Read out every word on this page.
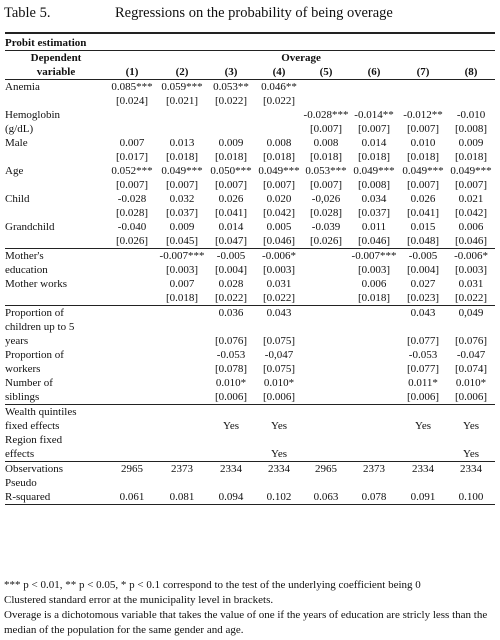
Table 5.	Regressions on the probability of being overage
Probit estimation								
Dependent	Overage							
variable	(1)	(2)	(3)	(4)	(5)	(6)	(7)	(8)
Anemia	0.085***	0.059***	0.053**	0.046**				
	[0.024]	[0.021]	[0.022]	[0.022]				
Hemoglobin					-0.028***	-0.014**	-0.012**	-0.010
(g/dL)					[0.007]	[0.007]	[0.007]	[0.008]
Male	0.007	0.013	0.009	0.008	0.008	0.014	0.010	0.009
	[0.017]	[0.018]	[0.018]	[0.018]	[0.018]	[0.018]	[0.018]	[0.018]
Age	0.052***	0.049***	0.050***	0.049***	0.053***	0.049***	0.049***	0.049***
	[0.007]	[0.007]	[0.007]	[0.007]	[0.007]	[0.008]	[0.007]	[0.007]
Child	-0.028	0.032	0.026	0.020	-0,026	0.034	0.026	0.021
	[0.028]	[0.037]	[0.041]	[0.042]	[0.028]	[0.037]	[0.041]	[0.042]
Grandchild	-0.040	0.009	0.014	0.005	-0.039	0.011	0.015	0.006
	[0.026]	[0.045]	[0.047]	[0.046]	[0.026]	[0.046]	[0.048]	[0.046]
Mother's		-0.007***	-0.005	-0.006*		-0.007***	-0.005	-0.006*
education		[0.003]	[0.004]	[0.003]		[0.003]	[0.004]	[0.003]
Mother works		0.007	0.028	0.031		0.006	0.027	0.031
		[0.018]	[0.022]	[0.022]		[0.018]	[0.023]	[0.022]
Proportion of			0.036	0.043			0.043	0,049
children up to 5								
years			[0.076]	[0.075]			[0.077]	[0.076]
Proportion of			-0.053	-0,047			-0.053	-0.047
workers			[0.078]	[0.075]			[0.077]	[0.074]
Number of			0.010*	0.010*			0.011*	0.010*
siblings			[0.006]	[0.006]			[0.006]	[0.006]
Wealth quintiles								
fixed effects			Yes	Yes			Yes	Yes
Region fixed								
effects				Yes				Yes
Observations	2965	2373	2334	2334	2965	2373	2334	2334
Pseudo								
R-squared	0.061	0.081	0.094	0.102	0.063	0.078	0.091	0.100

*** p < 0.01, ** p < 0.05, * p < 0.1 correspond to the test of the underlying coefficient being 0
Clustered standard error at the municipality level in brackets.
Overage is a dichotomous variable that takes the value of one if the years of education are stricly less than the median of the population for the same gender and age.
